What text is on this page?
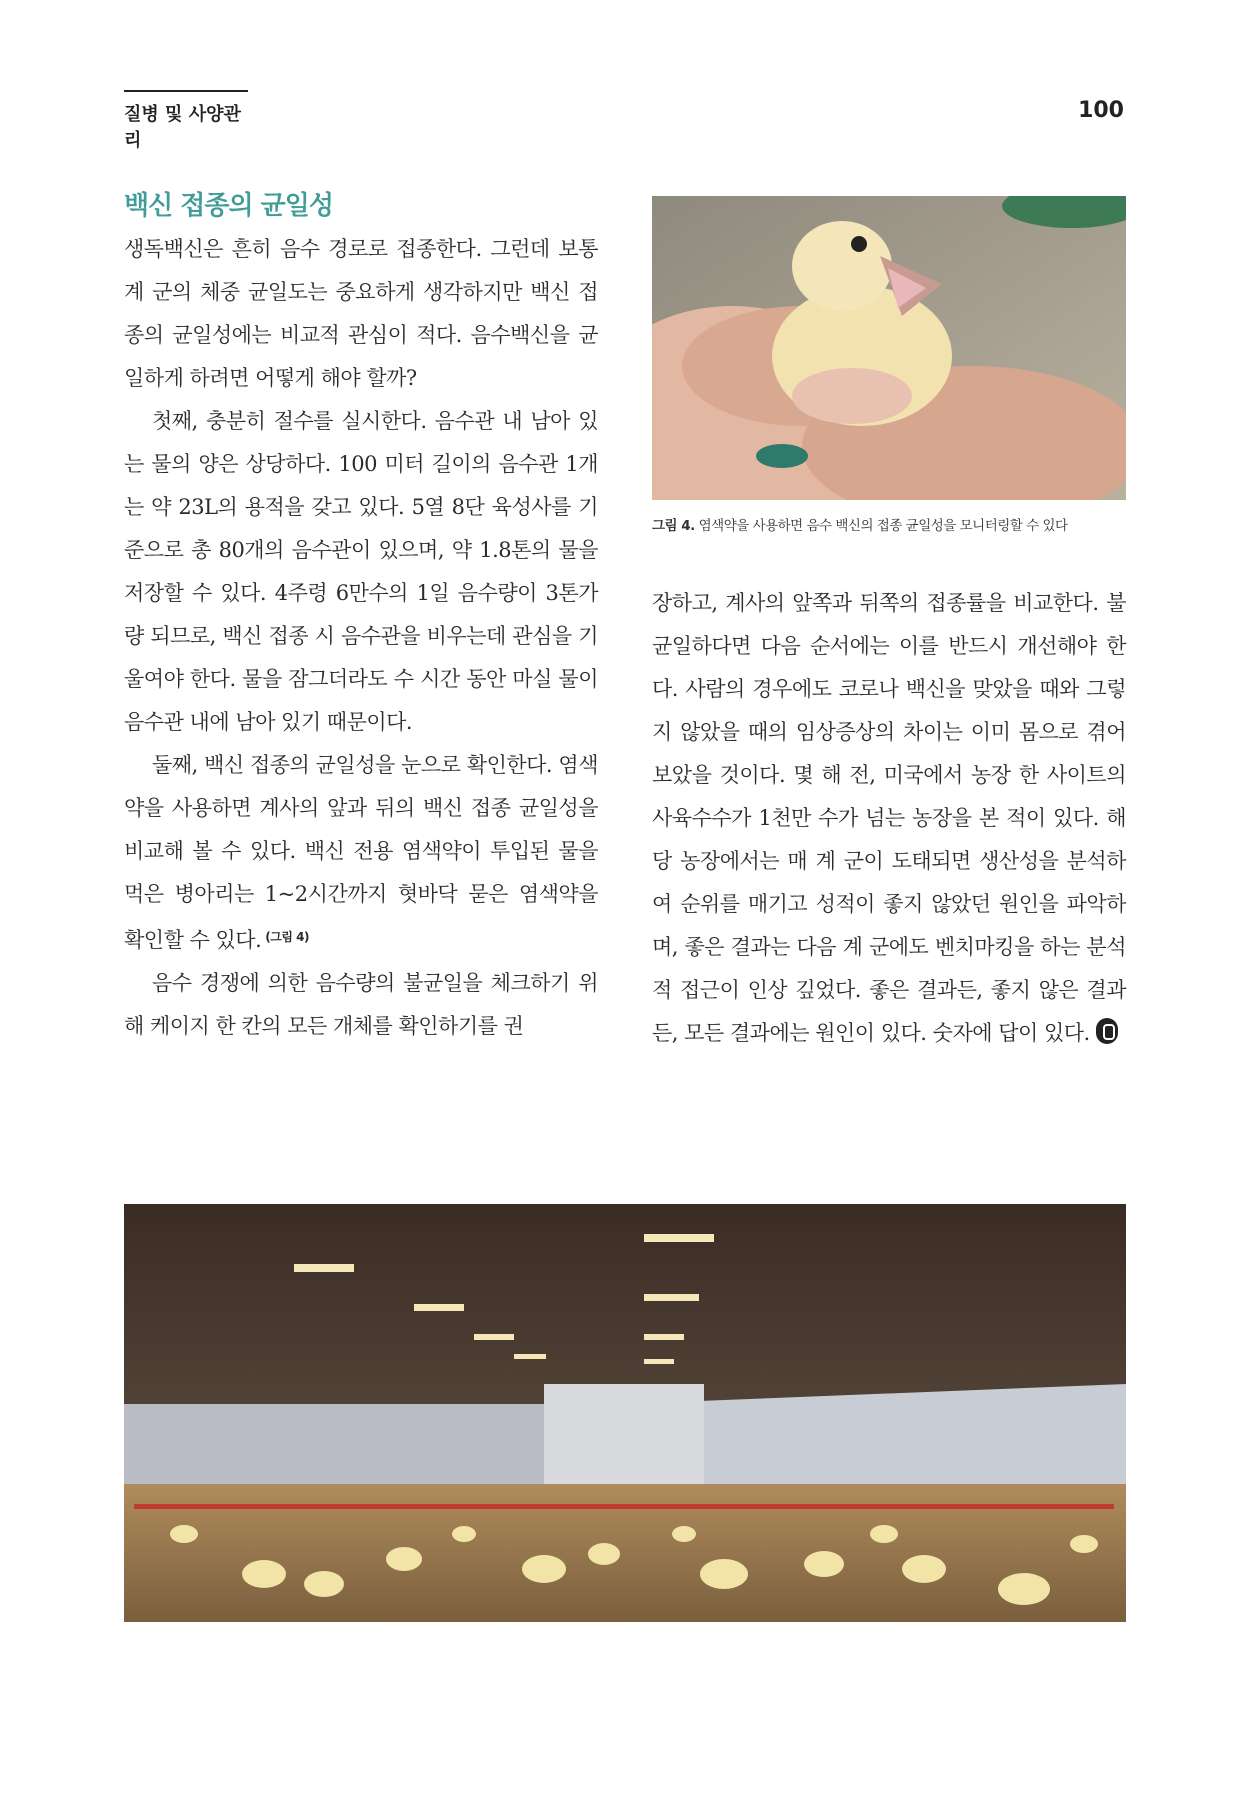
질병 및 사양관리
100
백신 접종의 균일성

생독백신은 흔히 음수 경로로 접종한다. 그런데 보통 계 군의 체중 균일도는 중요하게 생각하지만 백신 접종의 균일성에는 비교적 관심이 적다. 음수백신을 균일하게 하려면 어떻게 해야 할까?

첫째, 충분히 절수를 실시한다. 음수관 내 남아 있는 물의 양은 상당하다. 100 미터 길이의 음수관 1개는 약 23L의 용적을 갖고 있다. 5열 8단 육성사를 기준으로 총 80개의 음수관이 있으며, 약 1.8톤의 물을 저장할 수 있다. 4주령 6만수의 1일 음수량이 3톤가량 되므로, 백신 접종 시 음수관을 비우는데 관심을 기울여야 한다. 물을 잠그더라도 수 시간 동안 마실 물이 음수관 내에 남아 있기 때문이다.

둘째, 백신 접종의 균일성을 눈으로 확인한다. 염색약을 사용하면 계사의 앞과 뒤의 백신 접종 균일성을 비교해 볼 수 있다. 백신 전용 염색약이 투입된 물을 먹은 병아리는 1~2시간까지 혓바닥 묻은 염색약을 확인할 수 있다. $^{(그림 4)}$

음수 경쟁에 의한 음수량의 불균일을 체크하기 위해 케이지 한 칸의 모든 개체를 확인하기를 권

그림 4. 염색약을 사용하면 음수 백신의 접종 균일성을 모니터링할 수 있다

장하고, 계사의 앞쪽과 뒤쪽의 접종률을 비교한다. 불균일하다면 다음 순서에는 이를 반드시 개선해야 한다. 사람의 경우에도 코로나 백신을 맞았을 때와 그렇지 않았을 때의 임상증상의 차이는 이미 몸으로 겪어보았을 것이다. 몇 해 전, 미국에서 농장 한 사이트의 사육수수가 1천만 수가 넘는 농장을 본 적이 있다. 해당 농장에서는 매 계 군이 도태되면 생산성을 분석하여 순위를 매기고 성적이 좋지 않았던 원인을 파악하며, 좋은 결과는 다음 계 군에도 벤치마킹을 하는 분석적 접근이 인상 깊었다. 좋은 결과든, 좋지 않은 결과든, 모든 결과에는 원인이 있다. 숫자에 답이 있다.
